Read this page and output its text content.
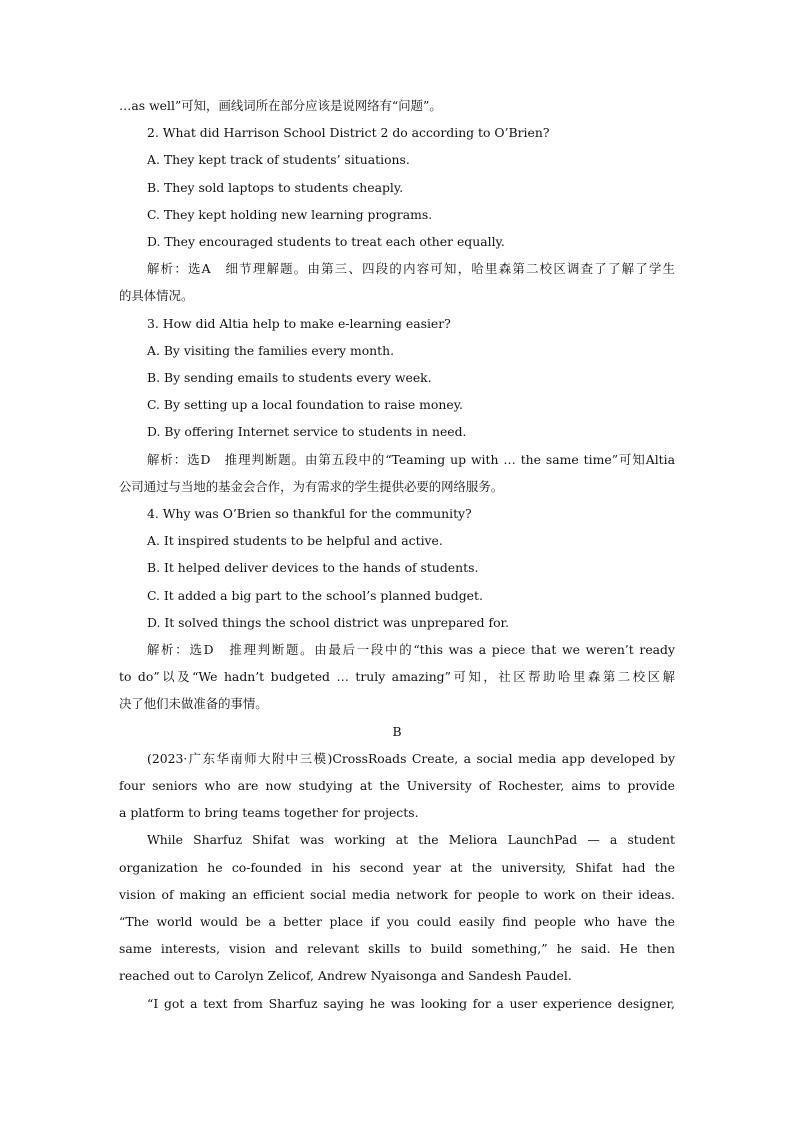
…as well”可知，画线词所在部分应该是说网络有“问题”。

2. What did Harrison School District 2 do according to O’Brien?

A. They kept track of students’ situations.

B. They sold laptops to students cheaply.

C. They kept holding new learning programs.

D. They encouraged students to treat each other equally.

解析：选A　细节理解题。由第三、四段的内容可知，哈里森第二校区调查了了解了学生

的具体情况。

3. How did Altia help to make e-learning easier?

A. By visiting the families every month.

B. By sending emails to students every week.

C. By setting up a local foundation to raise money.

D. By offering Internet service to students in need.

解析：选D　推理判断题。由第五段中的“Teaming up with … the same time”可知Altia

公司通过与当地的基金会合作，为有需求的学生提供必要的网络服务。

4. Why was O’Brien so thankful for the community?

A. It inspired students to be helpful and active.

B. It helped deliver devices to the hands of students.

C. It added a big part to the school’s planned budget.

D. It solved things the school district was unprepared for.

解析：选D　推理判断题。由最后一段中的“this was a piece that we weren’t ready

to do”以及“We hadn’t budgeted … truly amazing”可知，社区帮助哈里森第二校区解

决了他们未做准备的事情。

B

(2023·广东华南师大附中三模)CrossRoads Create, a social media app developed by

four seniors who are now studying at the University of Rochester, aims to provide

a platform to bring teams together for projects.

While Sharfuz Shifat was working at the Meliora LaunchPad — a student

organization he co-founded in his second year at the university, Shifat had the

vision of making an efficient social media network for people to work on their ideas.

“The world would be a better place if you could easily find people who have the

same interests, vision and relevant skills to build something,” he said. He then

reached out to Carolyn Zelicof, Andrew Nyaisonga and Sandesh Paudel.

“I got a text from Sharfuz saying he was looking for a user experience designer,
